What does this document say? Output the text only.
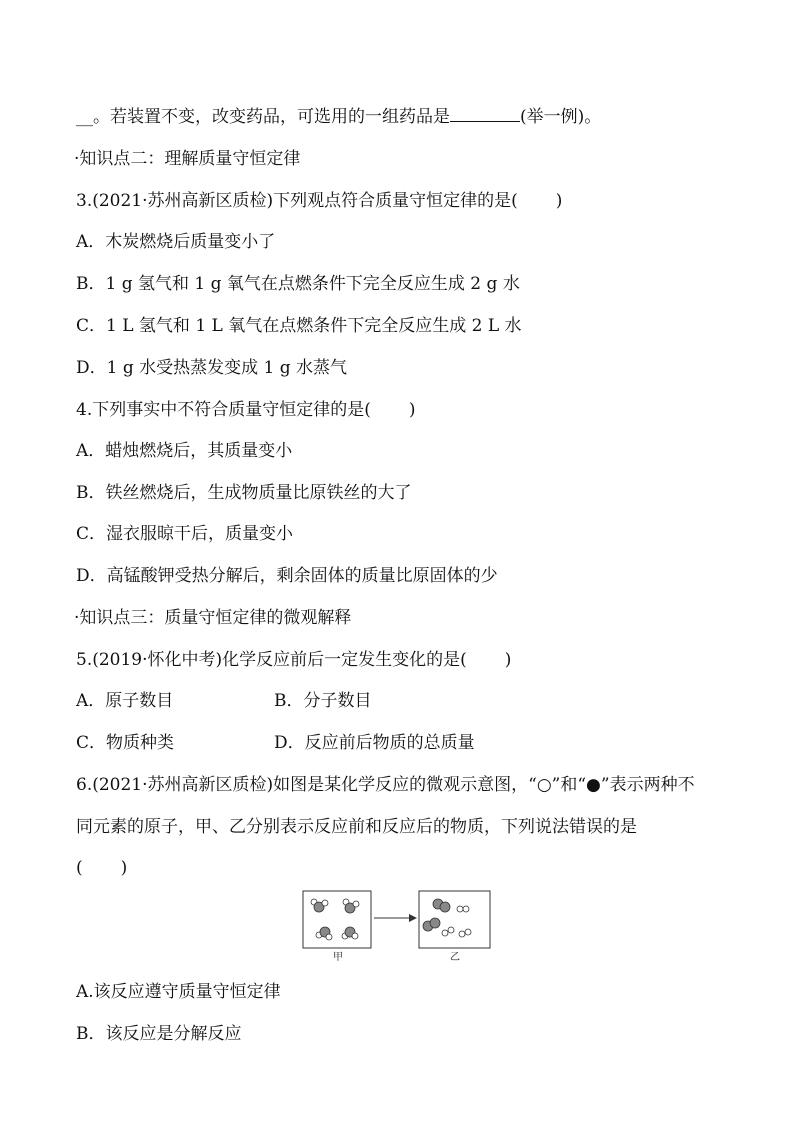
__。若装置不变，改变药品，可选用的一组药品是	(举一例)。
·知识点二：理解质量守恒定律
3.(2021·苏州高新区质检)下列观点符合质量守恒定律的是( )
A．木炭燃烧后质量变小了
B．1 g 氢气和 1 g 氧气在点燃条件下完全反应生成 2 g 水
C．1 L 氢气和 1 L 氧气在点燃条件下完全反应生成 2 L 水
D．1 g 水受热蒸发变成 1 g 水蒸气
4.下列事实中不符合质量守恒定律的是( )
A．蜡烛燃烧后，其质量变小
B．铁丝燃烧后，生成物质量比原铁丝的大了
C．湿衣服晾干后，质量变小
D．高锰酸钾受热分解后，剩余固体的质量比原固体的少
·知识点三：质量守恒定律的微观解释
5.(2019·怀化中考)化学反应前后一定发生变化的是( )
A．原子数目	B．分子数目
C．物质种类	D．反应前后物质的总质量
6.(2021·苏州高新区质检)如图是某化学反应的微观示意图，“○”和“●”表示两种不
同元素的原子，甲、乙分别表示反应前和反应后的物质，下列说法错误的是
( )
甲	乙
A.该反应遵守质量守恒定律
B．该反应是分解反应
